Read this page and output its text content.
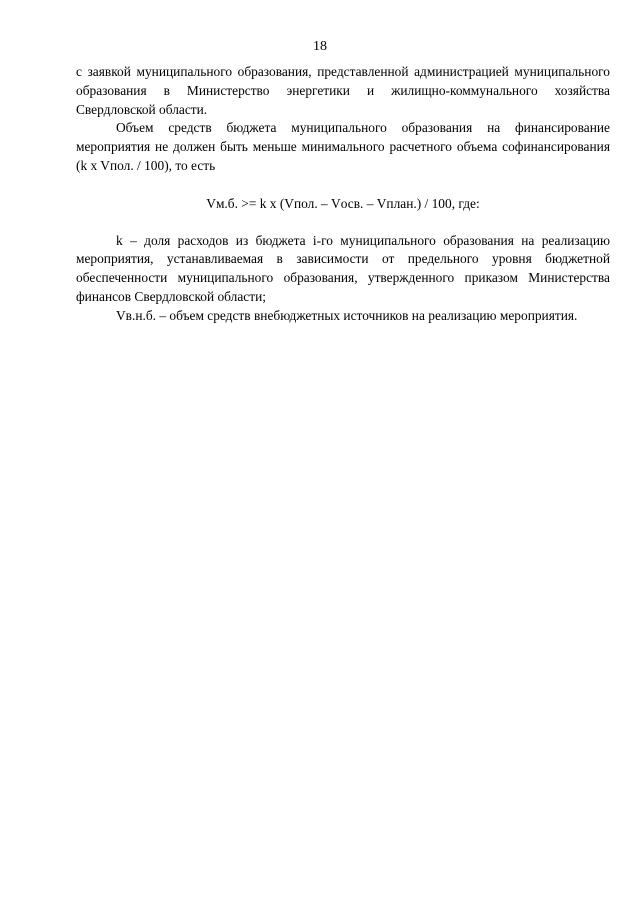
18

с заявкой муниципального образования, представленной администрацией муниципального образования в Министерство энергетики и жилищно-коммунального хозяйства Свердловской области.

Объем средств бюджета муниципального образования на финансирование мероприятия не должен быть меньше минимального расчетного объема софинансирования (k x Vпол. / 100), то есть

Vм.б. >= k x (Vпол. – Vосв. – Vплан.) / 100, где:

k – доля расходов из бюджета i-го муниципального образования на реализацию мероприятия, устанавливаемая в зависимости от предельного уровня бюджетной обеспеченности муниципального образования, утвержденного приказом Министерства финансов Свердловской области;

Vв.н.б. – объем средств внебюджетных источников на реализацию мероприятия.
